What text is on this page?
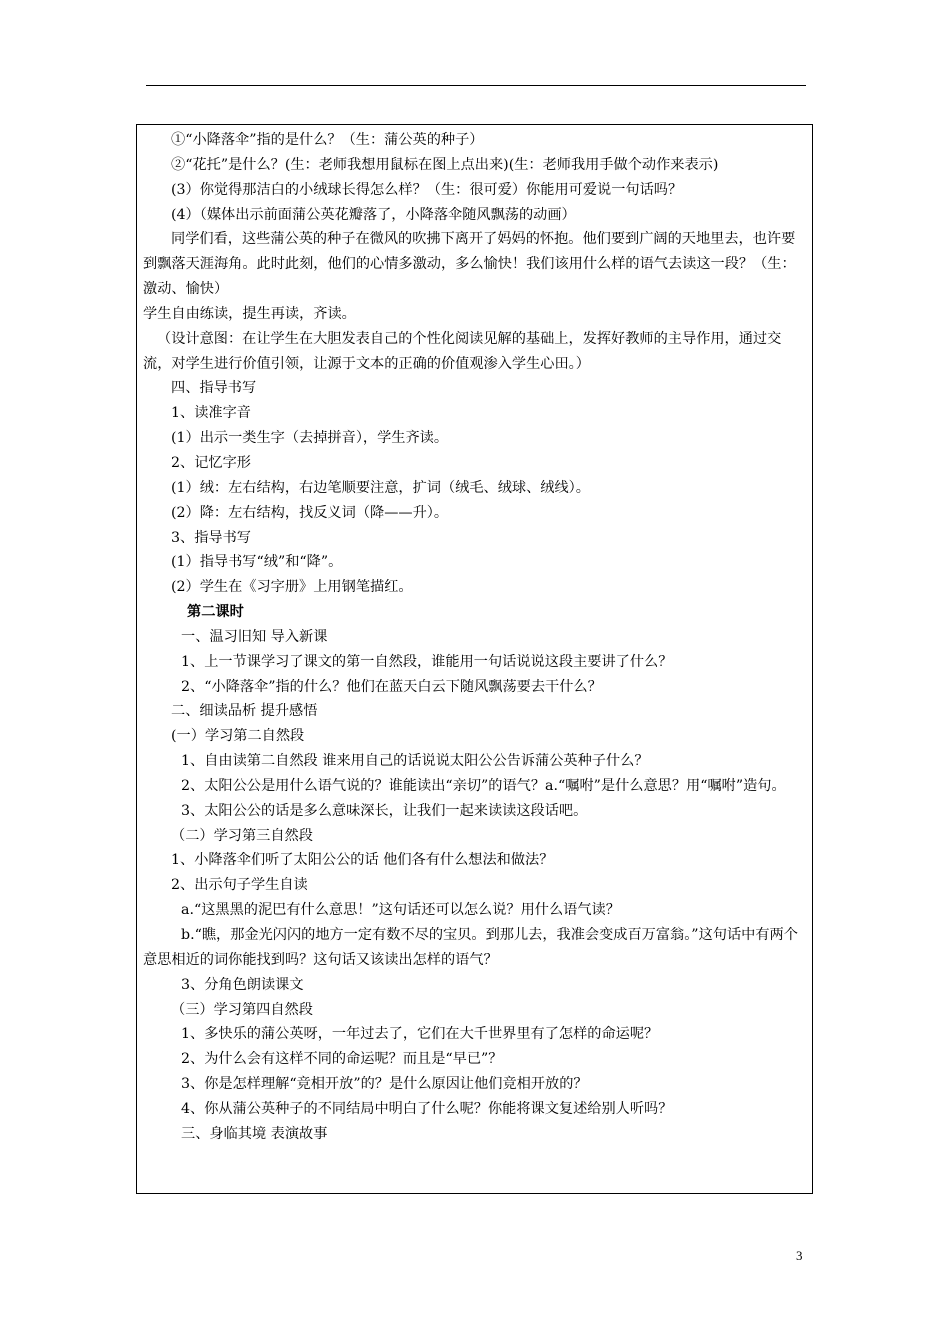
①“小降落伞”指的是什么？（生：蒲公英的种子）

②“花托”是什么？(生：老师我想用鼠标在图上点出来)(生：老师我用手做个动作来表示)

(3）你觉得那洁白的小绒球长得怎么样？（生：很可爱）你能用可爱说一句话吗？

(4）（媒体出示前面蒲公英花瓣落了，小降落伞随风飘荡的动画）

同学们看，这些蒲公英的种子在微风的吹拂下离开了妈妈的怀抱。他们要到广阔的天地里去，也许要到飘落天涯海角。此时此刻，他们的心情多激动，多么愉快！我们该用什么样的语气去读这一段？（生：激动、愉快）

学生自由练读，提生再读，齐读。

（设计意图：在让学生在大胆发表自己的个性化阅读见解的基础上，发挥好教师的主导作用，通过交流，对学生进行价值引领，让源于文本的正确的价值观渗入学生心田。）

四、指导书写

1、读准字音

(1）出示一类生字（去掉拼音），学生齐读。

2、记忆字形

(1）绒：左右结构，右边笔顺要注意，扩词（绒毛、绒球、绒线）。

(2）降：左右结构，找反义词（降——升）。

3、指导书写

(1）指导书写“绒”和“降”。

(2）学生在《习字册》上用钢笔描红。

第二课时

一、温习旧知 导入新课

1、上一节课学习了课文的第一自然段，谁能用一句话说说这段主要讲了什么？

2、“小降落伞”指的什么？他们在蓝天白云下随风飘荡要去干什么？

二、细读品析 提升感悟

(一）学习第二自然段

1、自由读第二自然段 谁来用自己的话说说太阳公公告诉蒲公英种子什么？

2、太阳公公是用什么语气说的？谁能读出“亲切”的语气？a.“嘱咐”是什么意思？用“嘱咐”造句。

3、太阳公公的话是多么意味深长，让我们一起来读读这段话吧。

（二）学习第三自然段

1、小降落伞们听了太阳公公的话 他们各有什么想法和做法？

2、出示句子学生自读

a.“这黑黑的泥巴有什么意思！”这句话还可以怎么说？用什么语气读？

b.“瞧，那金光闪闪的地方一定有数不尽的宝贝。到那儿去，我准会变成百万富翁。”这句话中有两个意思相近的词你能找到吗？这句话又该读出怎样的语气？

3、分角色朗读课文

（三）学习第四自然段

1、多快乐的蒲公英呀，一年过去了，它们在大千世界里有了怎样的命运呢？

2、为什么会有这样不同的命运呢？而且是“早已”？

3、你是怎样理解“竞相开放”的？是什么原因让他们竞相开放的？

4、你从蒲公英种子的不同结局中明白了什么呢？你能将课文复述给别人听吗？

三、身临其境 表演故事

3
